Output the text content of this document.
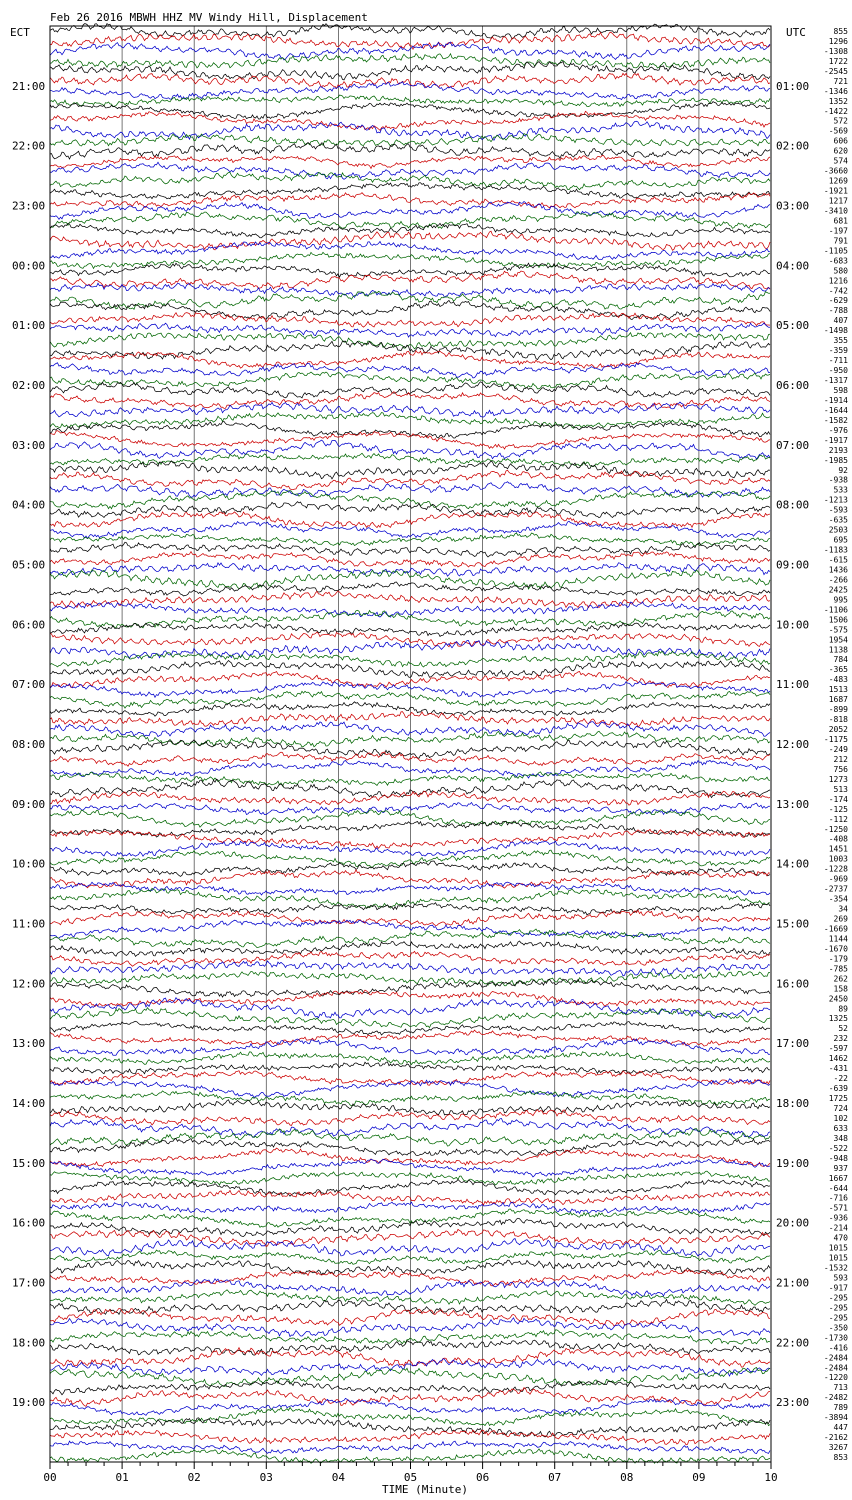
Feb 26 2016 MBWH HHZ MV Windy Hill, Displacement
ECT	UTC
21:00
22:00
23:00
00:00
01:00
02:00
03:00
04:00
05:00
06:00
07:00
08:00
09:00
10:00
11:00
12:00
13:00
14:00
15:00
16:00
17:00
18:00
19:00
01:00
02:00
03:00
04:00
05:00
06:00
07:00
08:00
09:00
10:00
11:00
12:00
13:00
14:00
15:00
16:00
17:00
18:00
19:00
20:00
21:00
22:00
23:00
855
1296
-1308
1722
-2545
721
-1346
1352
-1422
572
-569
606
620
574
-3660
1269
-1921
1217
-3410
681
-197
791
-1105
-683
580
1216
-742
-629
-788
407
-1498
355
-359
-711
-950
-1317
598
-1914
-1644
-1582
-976
-1917
2193
-1985
92
-938
533
-1213
-593
-635
2503
695
-1183
-615
1436
-266
2425
995
-1106
1506
-575
1954
1138
784
-365
-483
1513
1687
-899
-818
2052
-1175
-249
212
756
1273
513
-174
-125
-112
-1250
-408
1451
1003
-1228
-969
-2737
-354
34
269
-1669
1144
-1670
-179
-785
262
158
2450
89
1325
52
232
-597
1462
-431
-22
-639
1725
724
102
633
348
-522
-948
937
1667
-644
-716
-571
-936
-214
470
1015
1015
-1532
593
-917
-295
-295
-295
-350
-1730
-416
-2484
-2484
-1220
713
-2482
789
-3894
447
-2162
3267
853
00	01	02	03	04	05	06	07	08	09	10
TIME (Minute)
